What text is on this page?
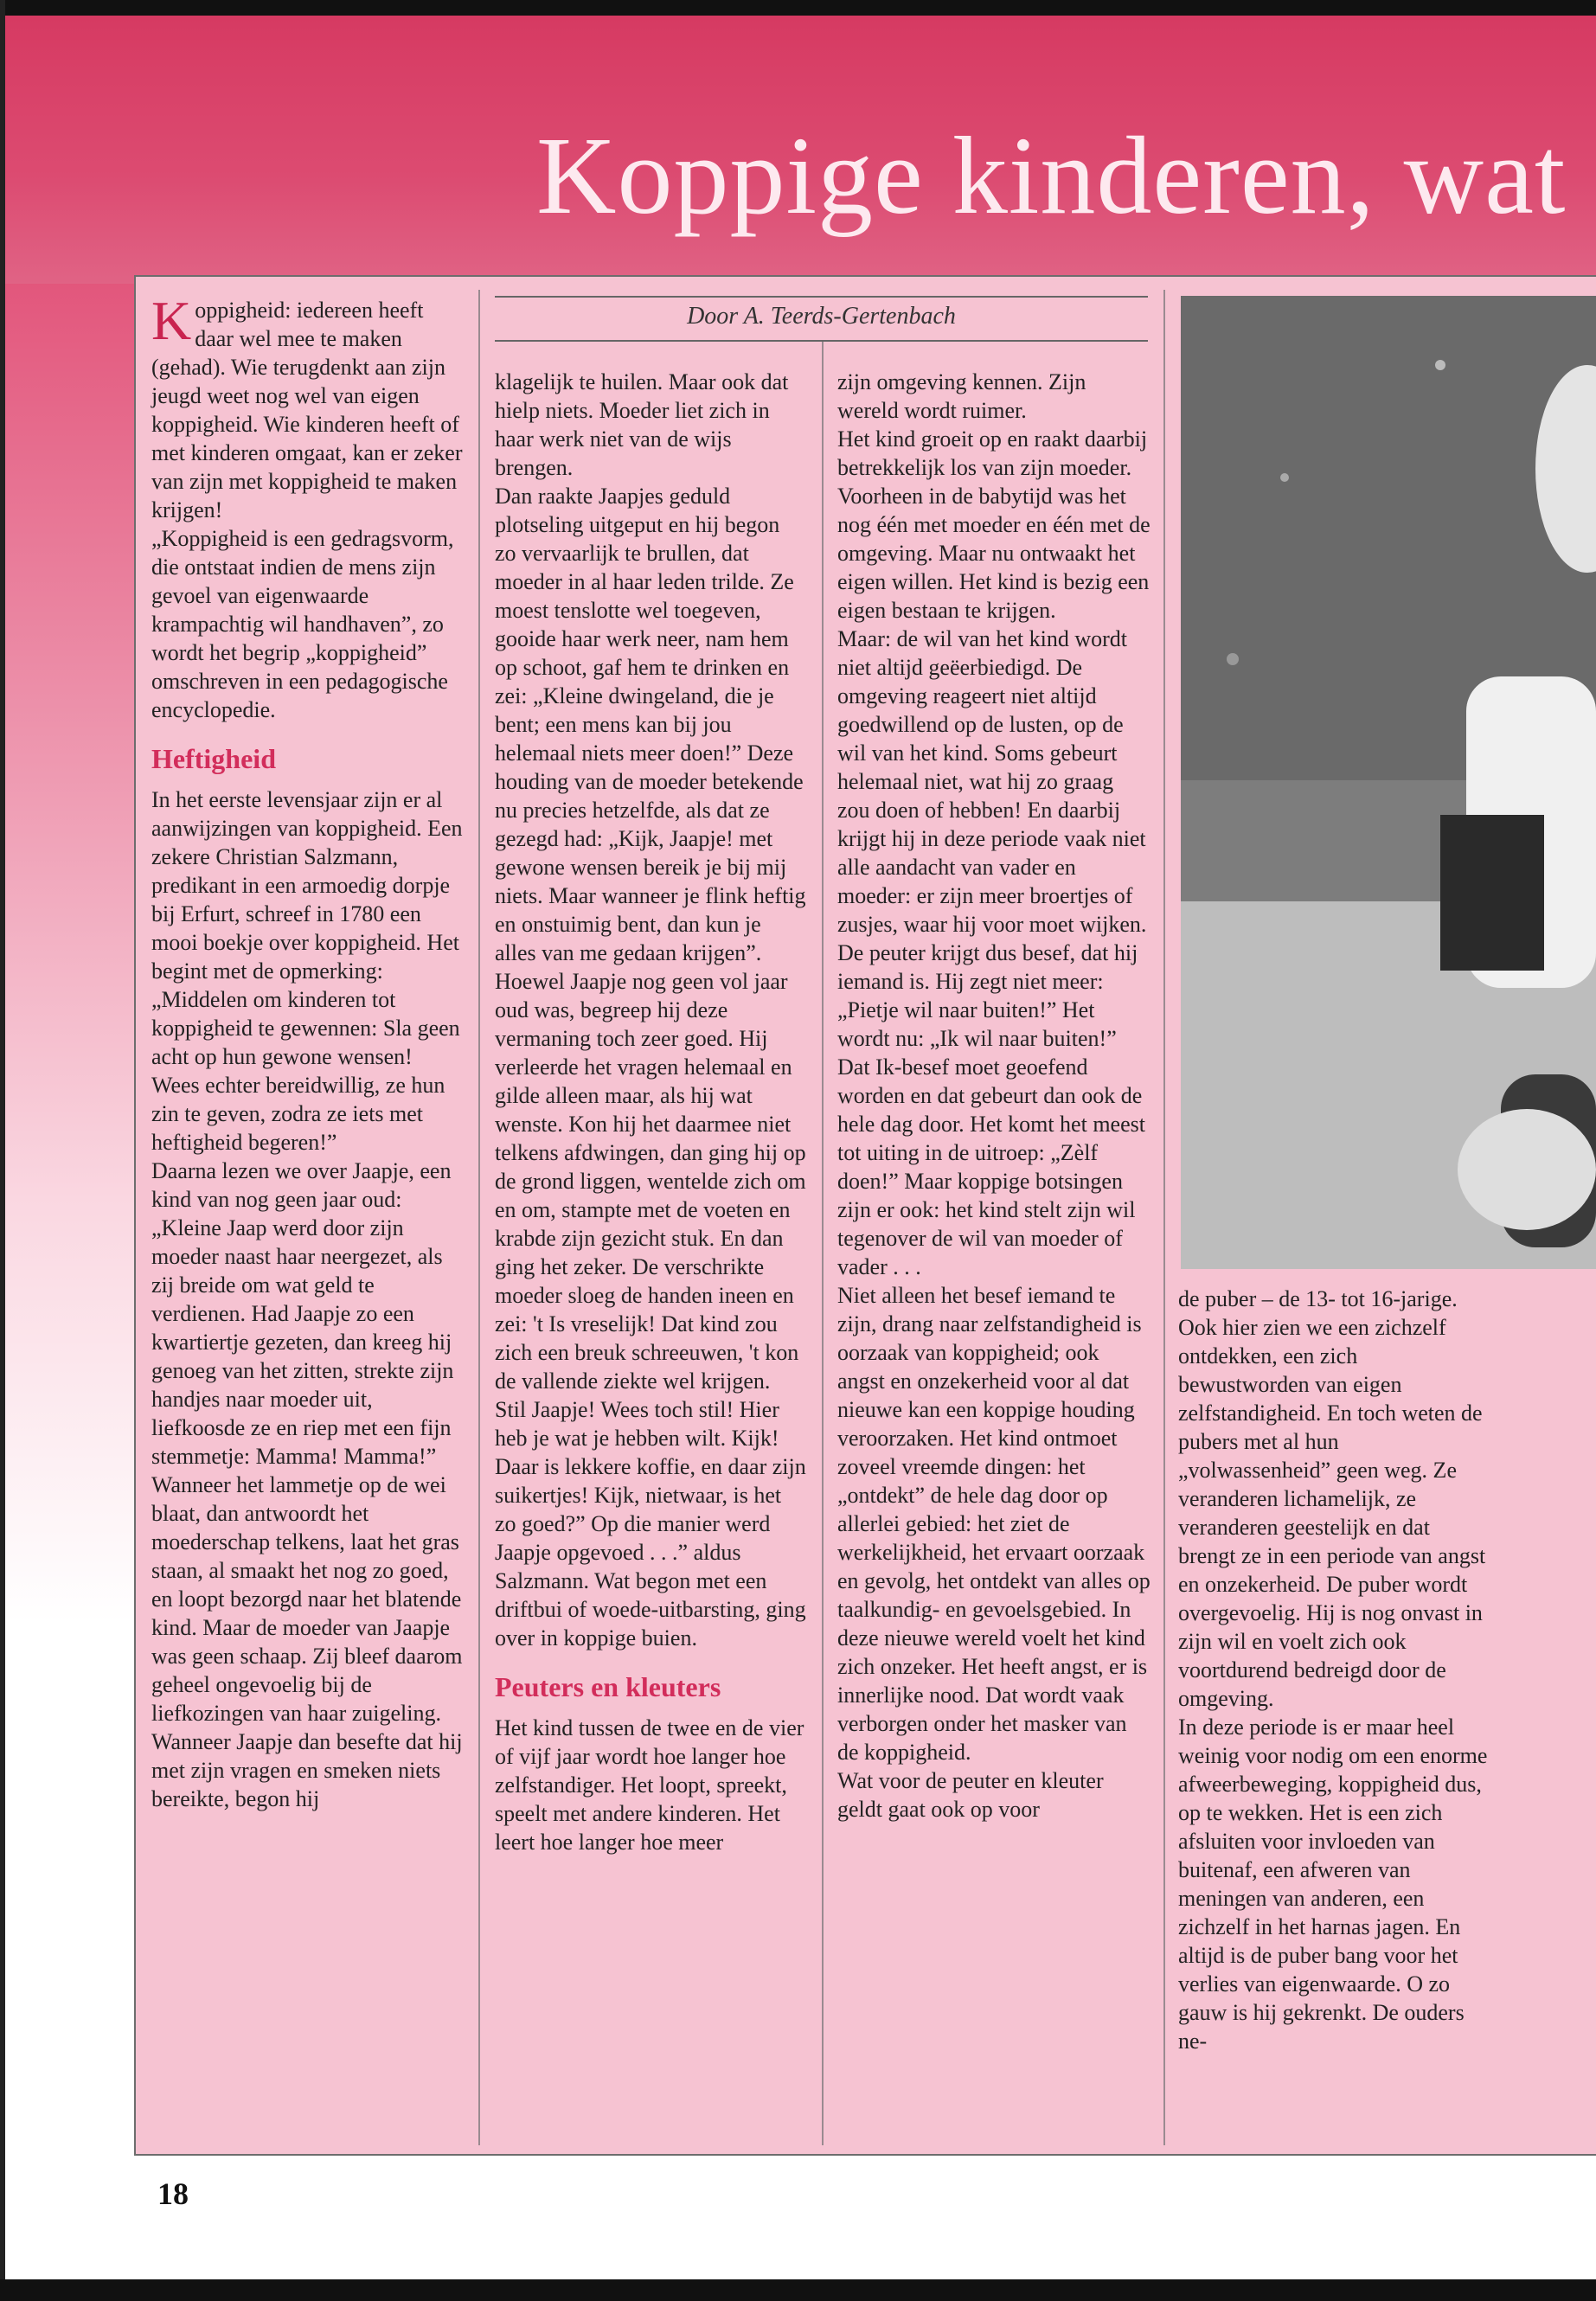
Koppige kinderen, wat
Door A. Teerds-Gertenbach

Koppigheid: iedereen heeft daar wel mee te maken (gehad). Wie terugdenkt aan zijn jeugd weet nog wel van eigen koppigheid. Wie kinderen heeft of met kinderen omgaat, kan er zeker van zijn met koppigheid te maken krijgen!

„Koppigheid is een gedragsvorm, die ontstaat indien de mens zijn gevoel van eigenwaarde krampachtig wil handhaven”, zo wordt het begrip „koppigheid” omschreven in een pedagogische encyclopedie.

Heftigheid

In het eerste levensjaar zijn er al aanwijzingen van koppigheid. Een zekere Christian Salzmann, predikant in een armoedig dorpje bij Erfurt, schreef in 1780 een mooi boekje over koppigheid. Het begint met de opmerking: „Middelen om kinderen tot koppigheid te gewennen: Sla geen acht op hun gewone wensen! Wees echter bereidwillig, ze hun zin te geven, zodra ze iets met heftigheid begeren!”

Daarna lezen we over Jaapje, een kind van nog geen jaar oud: „Kleine Jaap werd door zijn moeder naast haar neergezet, als zij breide om wat geld te verdienen. Had Jaapje zo een kwartiertje gezeten, dan kreeg hij genoeg van het zitten, strekte zijn handjes naar moeder uit, liefkoosde ze en riep met een fijn stemmetje: Mamma! Mamma!” Wanneer het lammetje op de wei blaat, dan antwoordt het moederschap telkens, laat het gras staan, al smaakt het nog zo goed, en loopt bezorgd naar het blatende kind. Maar de moeder van Jaapje was geen schaap. Zij bleef daarom geheel ongevoelig bij de liefkozingen van haar zuigeling. Wanneer Jaapje dan besefte dat hij met zijn vragen en smeken niets bereikte, begon hij

klagelijk te huilen. Maar ook dat hielp niets. Moeder liet zich in haar werk niet van de wijs brengen.

Dan raakte Jaapjes geduld plotseling uitgeput en hij begon zo vervaarlijk te brullen, dat moeder in al haar leden trilde. Ze moest tenslotte wel toegeven, gooide haar werk neer, nam hem op schoot, gaf hem te drinken en zei: „Kleine dwingeland, die je bent; een mens kan bij jou helemaal niets meer doen!” Deze houding van de moeder betekende nu precies hetzelfde, als dat ze gezegd had: „Kijk, Jaapje! met gewone wensen bereik je bij mij niets. Maar wanneer je flink heftig en onstuimig bent, dan kun je alles van me gedaan krijgen”.

Hoewel Jaapje nog geen vol jaar oud was, begreep hij deze vermaning toch zeer goed. Hij verleerde het vragen helemaal en gilde alleen maar, als hij wat wenste. Kon hij het daarmee niet telkens afdwingen, dan ging hij op de grond liggen, wentelde zich om en om, stampte met de voeten en krabde zijn gezicht stuk. En dan ging het zeker. De verschrikte moeder sloeg de handen ineen en zei: 't Is vreselijk! Dat kind zou zich een breuk schreeuwen, 't kon de vallende ziekte wel krijgen. Stil Jaapje! Wees toch stil! Hier heb je wat je hebben wilt. Kijk! Daar is lekkere koffie, en daar zijn suikertjes! Kijk, nietwaar, is het zo goed?” Op die manier werd Jaapje opgevoed . . .” aldus Salzmann. Wat begon met een driftbui of woede-uitbarsting, ging over in koppige buien.

Peuters en kleuters

Het kind tussen de twee en de vier of vijf jaar wordt hoe langer hoe zelfstandiger. Het loopt, spreekt, speelt met andere kinderen. Het leert hoe langer hoe meer

zijn omgeving kennen. Zijn wereld wordt ruimer.

Het kind groeit op en raakt daarbij betrekkelijk los van zijn moeder. Voorheen in de babytijd was het nog één met moeder en één met de omgeving. Maar nu ontwaakt het eigen willen. Het kind is bezig een eigen bestaan te krijgen.

Maar: de wil van het kind wordt niet altijd geëerbiedigd. De omgeving reageert niet altijd goedwillend op de lusten, op de wil van het kind. Soms gebeurt helemaal niet, wat hij zo graag zou doen of hebben! En daarbij krijgt hij in deze periode vaak niet alle aandacht van vader en moeder: er zijn meer broertjes of zusjes, waar hij voor moet wijken.

De peuter krijgt dus besef, dat hij iemand is. Hij zegt niet meer: „Pietje wil naar buiten!” Het wordt nu: „Ik wil naar buiten!” Dat Ik-besef moet geoefend worden en dat gebeurt dan ook de hele dag door. Het komt het meest tot uiting in de uitroep: „Zèlf doen!” Maar koppige botsingen zijn er ook: het kind stelt zijn wil tegenover de wil van moeder of vader . . .

Niet alleen het besef iemand te zijn, drang naar zelfstandigheid is oorzaak van koppigheid; ook angst en onzekerheid voor al dat nieuwe kan een koppige houding veroorzaken. Het kind ontmoet zoveel vreemde dingen: het „ontdekt” de hele dag door op allerlei gebied: het ziet de werkelijkheid, het ervaart oorzaak en gevolg, het ontdekt van alles op taalkundig- en gevoelsgebied. In deze nieuwe wereld voelt het kind zich onzeker. Het heeft angst, er is innerlijke nood. Dat wordt vaak verborgen onder het masker van de koppigheid.

Wat voor de peuter en kleuter geldt gaat ook op voor

de puber – de 13- tot 16-jarige. Ook hier zien we een zichzelf ontdekken, een zich bewustworden van eigen zelfstandigheid. En toch weten de pubers met al hun „volwassenheid” geen weg. Ze veranderen lichamelijk, ze veranderen geestelijk en dat brengt ze in een periode van angst en onzekerheid. De puber wordt overgevoelig. Hij is nog onvast in zijn wil en voelt zich ook voortdurend bedreigd door de omgeving.

In deze periode is er maar heel weinig voor nodig om een enorme afweerbeweging, koppigheid dus, op te wekken. Het is een zich afsluiten voor invloeden van buitenaf, een afweren van meningen van anderen, een zichzelf in het harnas jagen. En altijd is de puber bang voor het verlies van eigenwaarde. O zo gauw is hij gekrenkt. De ouders ne-

18
